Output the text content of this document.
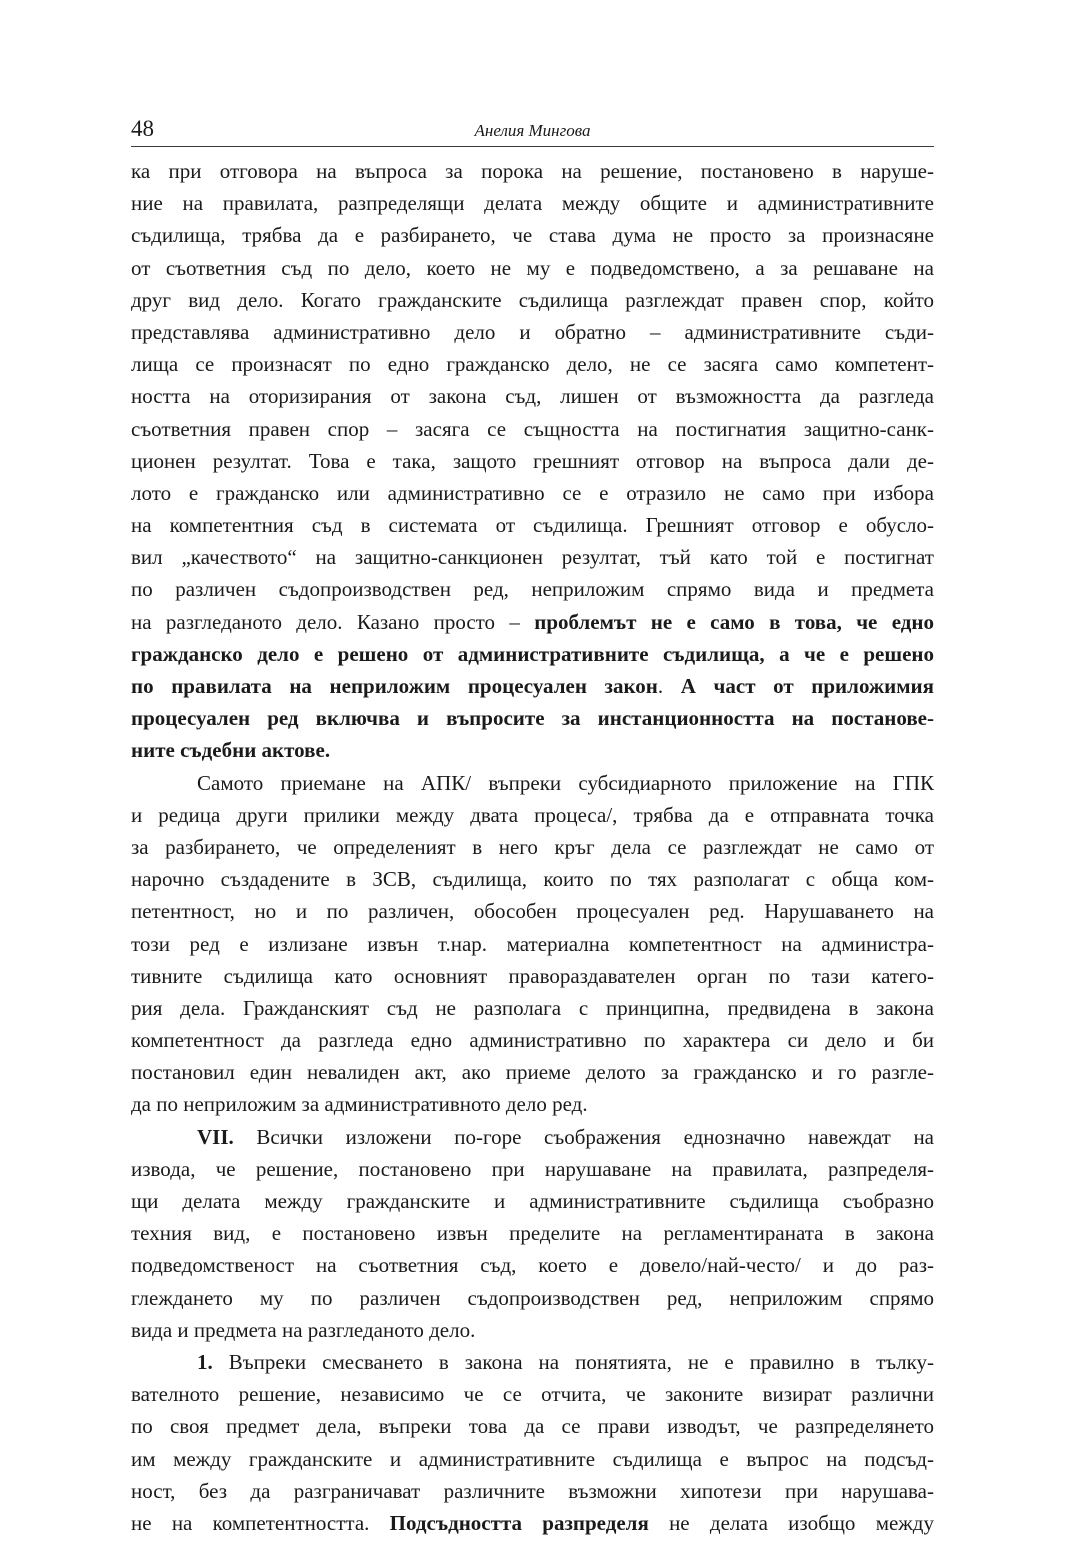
48	Анелия Мингова
ка при отговора на въпроса за порока на решение, постановено в наруше-
ние на правилата, разпределящи делата между общите и административните
съдилища, трябва да е разбирането, че става дума не просто за произнасяне
от съответния съд по дело, което не му е подведомствено, а за решаване на
друг вид дело. Когато гражданските съдилища разглеждат правен спор, който
представлява административно дело и обратно – административните съди-
лища се произнасят по едно гражданско дело, не се засяга само компетент-
ността на оторизирания от закона съд, лишен от възможността да разгледа
съответния правен спор – засяга се същността на постигнатия защитно-санк-
ционен резултат. Това е така, защото грешният отговор на въпроса дали де-
лото е гражданско или административно се е отразило не само при избора
на компетентния съд в системата от съдилища. Грешният отговор е обусло-
вил „качеството“ на защитно-санкционен резултат, тъй като той е постигнат
по различен съдопроизводствен ред, неприложим спрямо вида и предмета
на разгледаното дело. Казано просто – проблемът не е само в това, че едно
гражданско дело е решено от административните съдилища, а че е решено
по правилата на неприложим процесуален закон. А част от приложимия
процесуален ред включва и въпросите за инстанционността на постанове-
ните съдебни актове.
Самото приемане на АПК/ въпреки субсидиарното приложение на ГПК
и редица други прилики между двата процеса/, трябва да е отправната точка
за разбирането, че определеният в него кръг дела се разглеждат не само от
нарочно създадените в ЗСВ, съдилища, които по тях разполагат с обща ком-
петентност, но и по различен, обособен процесуален ред. Нарушаването на
този ред е излизане извън т.нар. материална компетентност на администра-
тивните съдилища като основният правораздавателен орган по тази катего-
рия дела. Гражданският съд не разполага с принципна, предвидена в закона
компетентност да разгледа едно административно по характера си дело и би
постановил един невалиден акт, ако приеме делото за гражданско и го разгле-
да по неприложим за административното дело ред.
VII. Всички изложени по-горе съображения еднозначно навеждат на
извода, че решение, постановено при нарушаване на правилата, разпределя-
щи делата между гражданските и административните съдилища съобразно
техния вид, е постановено извън пределите на регламентираната в закона
подведомственост на съответния съд, което е довело/най-често/ и до раз-
глеждането му по различен съдопроизводствен ред, неприложим спрямо
вида и предмета на разгледаното дело.
1. Въпреки смесването в закона на понятията, не е правилно в тълку-
вателното решение, независимо че се отчита, че законите визират различни
по своя предмет дела, въпреки това да се прави изводът, че разпределянето
им между гражданските и административните съдилища е въпрос на подсъд-
ност, без да разграничават различните възможни хипотези при нарушава-
не на компетентността. Подсъдността разпределя не делата изобщо между
